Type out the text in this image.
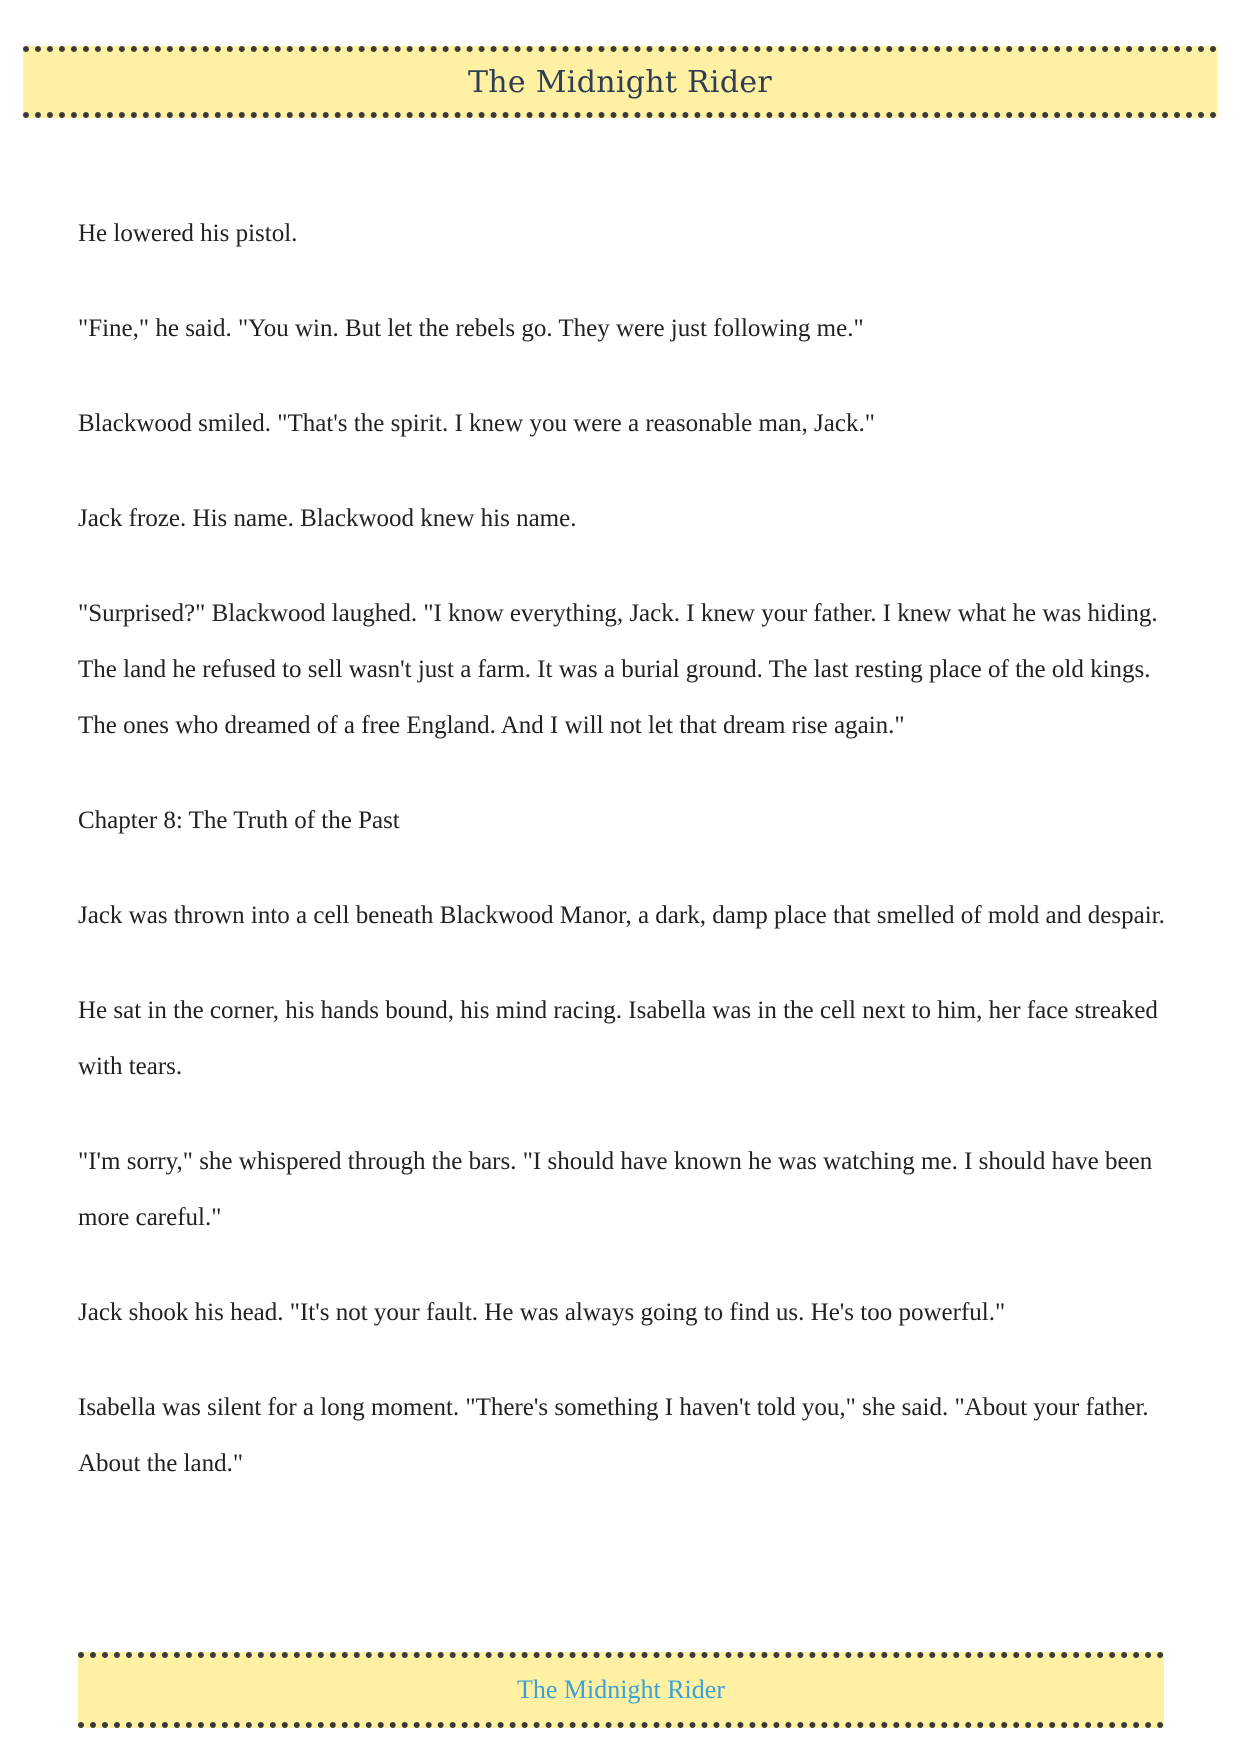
The Midnight Rider

He lowered his pistol.

"Fine," he said. "You win. But let the rebels go. They were just following me."

Blackwood smiled. "That's the spirit. I knew you were a reasonable man, Jack."

Jack froze. His name. Blackwood knew his name.

"Surprised?" Blackwood laughed. "I know everything, Jack. I knew your father. I knew what he was hiding. The land he refused to sell wasn't just a farm. It was a burial ground. The last resting place of the old kings. The ones who dreamed of a free England. And I will not let that dream rise again."

Chapter 8: The Truth of the Past

Jack was thrown into a cell beneath Blackwood Manor, a dark, damp place that smelled of mold and despair.

He sat in the corner, his hands bound, his mind racing. Isabella was in the cell next to him, her face streaked with tears.

"I'm sorry," she whispered through the bars. "I should have known he was watching me. I should have been more careful."

Jack shook his head. "It's not your fault. He was always going to find us. He's too powerful."

Isabella was silent for a long moment. "There's something I haven't told you," she said. "About your father. About the land."

The Midnight Rider
